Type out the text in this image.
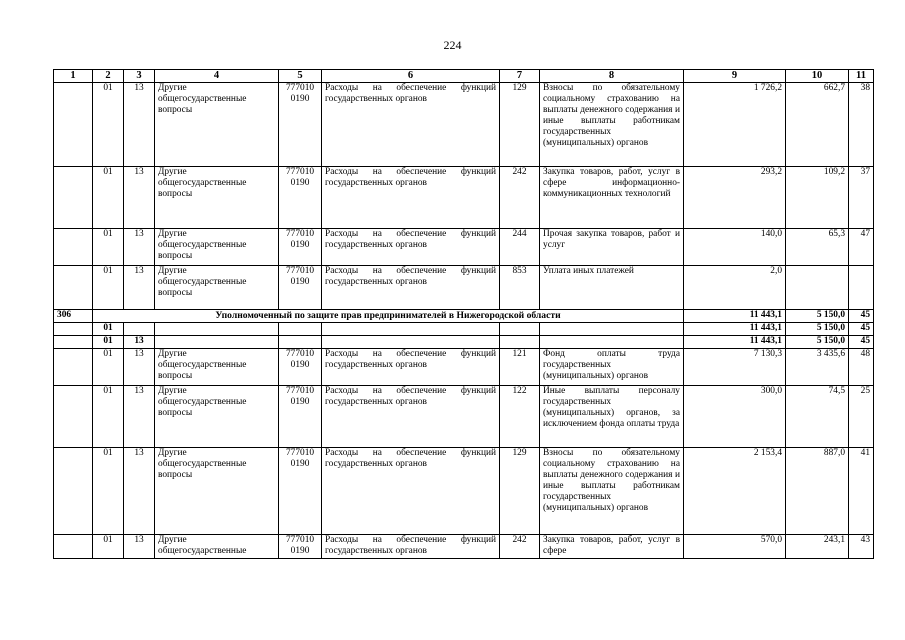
224
1	2	3	4	5	6	7	8	9	10	11
	01	13	Другие общегосударственные вопросы	777010 0190	Расходы на обеспечение функций государственных органов	129	Взносы по обязательному социальному страхованию на выплаты денежного содержания и иные выплаты работникам государственных (муниципальных) органов	1 726,2	662,7	38
	01	13	Другие общегосударственные вопросы	777010 0190	Расходы на обеспечение функций государственных органов	242	Закупка товаров, работ, услуг в сфере информационно-коммуникационных технологий	293,2	109,2	37
	01	13	Другие общегосударственные вопросы	777010 0190	Расходы на обеспечение функций государственных органов	244	Прочая закупка товаров, работ и услуг	140,0	65,3	47
	01	13	Другие общегосударственные вопросы	777010 0190	Расходы на обеспечение функций государственных органов	853	Уплата иных платежей	2,0		
306	Уполномоченный по защите прав предпринимателей в Нижегородской области							11 443,1	5 150,0	45
	01							11 443,1	5 150,0	45
	01	13						11 443,1	5 150,0	45
	01	13	Другие общегосударственные вопросы	777010 0190	Расходы на обеспечение функций государственных органов	121	Фонд оплаты труда государственных (муниципальных) органов	7 130,3	3 435,6	48
	01	13	Другие общегосударственные вопросы	777010 0190	Расходы на обеспечение функций государственных органов	122	Иные выплаты персоналу государственных (муниципальных) органов, за исключением фонда оплаты труда	300,0	74,5	25
	01	13	Другие общегосударственные вопросы	777010 0190	Расходы на обеспечение функций государственных органов	129	Взносы по обязательному социальному страхованию на выплаты денежного содержания и иные выплаты работникам государственных (муниципальных) органов	2 153,4	887,0	41
	01	13	Другие общегосударственные	777010 0190	Расходы на обеспечение функций государственных органов	242	Закупка товаров, работ, услуг в сфере	570,0	243,1	43
